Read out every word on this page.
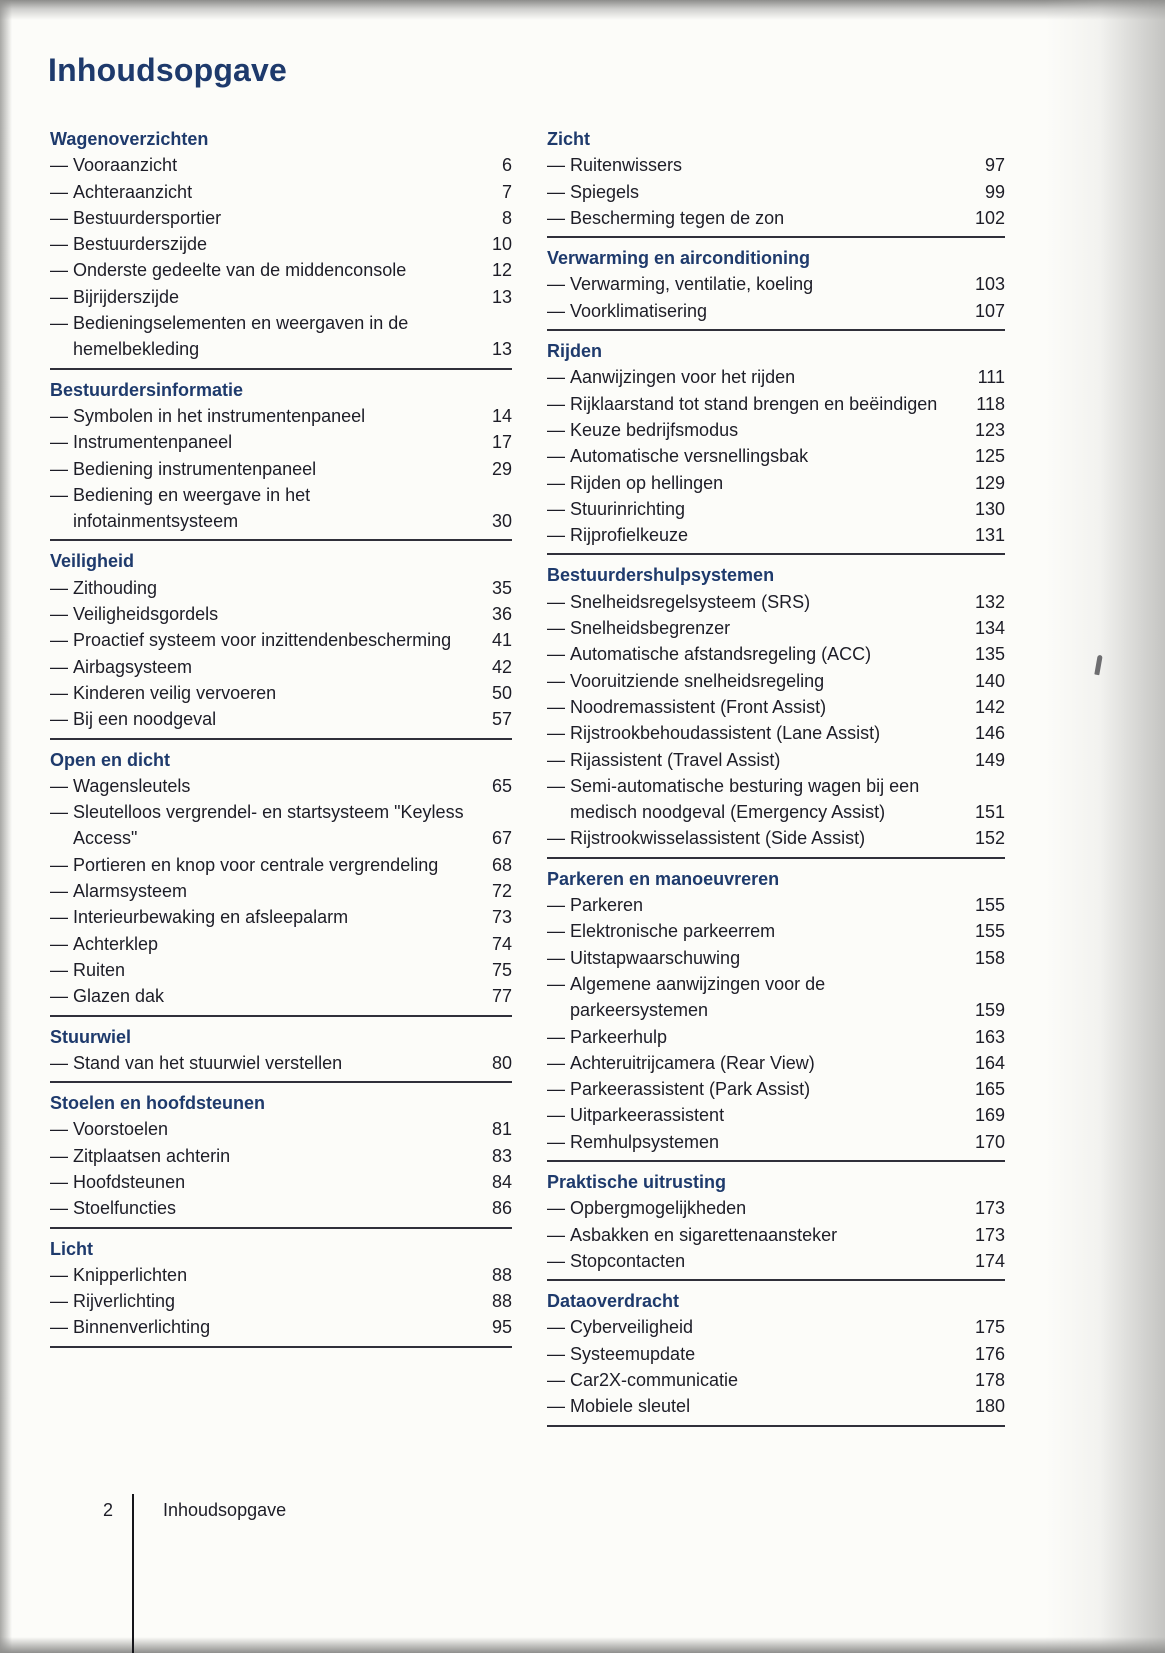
Inhoudsopgave
Wagenoverzichten
— Vooraanzicht	6
— Achteraanzicht	7
— Bestuurdersportier	8
— Bestuurderszijde	10
— Onderste gedeelte van de middenconsole	12
— Bijrijderszijde	13
— Bedieningselementen en weergaven in de hemelbekleding	13
Bestuurdersinformatie
— Symbolen in het instrumentenpaneel	14
— Instrumentenpaneel	17
— Bediening instrumentenpaneel	29
— Bediening en weergave in het infotainmentsysteem	30
Veiligheid
— Zithouding	35
— Veiligheidsgordels	36
— Proactief systeem voor inzittendenbescherming	41
— Airbagsysteem	42
— Kinderen veilig vervoeren	50
— Bij een noodgeval	57
Open en dicht
— Wagensleutels	65
— Sleutelloos vergrendel- en startsysteem "Keyless Access"	67
— Portieren en knop voor centrale vergrendeling	68
— Alarmsysteem	72
— Interieurbewaking en afsleepalarm	73
— Achterklep	74
— Ruiten	75
— Glazen dak	77
Stuurwiel
— Stand van het stuurwiel verstellen	80
Stoelen en hoofdsteunen
— Voorstoelen	81
— Zitplaatsen achterin	83
— Hoofdsteunen	84
— Stoelfuncties	86
Licht
— Knipperlichten	88
— Rijverlichting	88
— Binnenverlichting	95
Zicht
— Ruitenwissers	97
— Spiegels	99
— Bescherming tegen de zon	102
Verwarming en airconditioning
— Verwarming, ventilatie, koeling	103
— Voorklimatisering	107
Rijden
— Aanwijzingen voor het rijden	111
— Rijklaarstand tot stand brengen en beëindigen	118
— Keuze bedrijfsmodus	123
— Automatische versnellingsbak	125
— Rijden op hellingen	129
— Stuurinrichting	130
— Rijprofielkeuze	131
Bestuurdershulpsystemen
— Snelheidsregelsysteem (SRS)	132
— Snelheidsbegrenzer	134
— Automatische afstandsregeling (ACC)	135
— Vooruitziende snelheidsregeling	140
— Noodremassistent (Front Assist)	142
— Rijstrookbehoudassistent (Lane Assist)	146
— Rijassistent (Travel Assist)	149
— Semi-automatische besturing wagen bij een medisch noodgeval (Emergency Assist)	151
— Rijstrookwisselassistent (Side Assist)	152
Parkeren en manoeuvreren
— Parkeren	155
— Elektronische parkeerrem	155
— Uitstapwaarschuwing	158
— Algemene aanwijzingen voor de parkeersystemen	159
— Parkeerhulp	163
— Achteruitrijcamera (Rear View)	164
— Parkeerassistent (Park Assist)	165
— Uitparkeerassistent	169
— Remhulpsystemen	170
Praktische uitrusting
— Opbergmogelijkheden	173
— Asbakken en sigarettenaansteker	173
— Stopcontacten	174
Dataoverdracht
— Cyberveiligheid	175
— Systeemupdate	176
— Car2X-communicatie	178
— Mobiele sleutel	180
2	Inhoudsopgave
